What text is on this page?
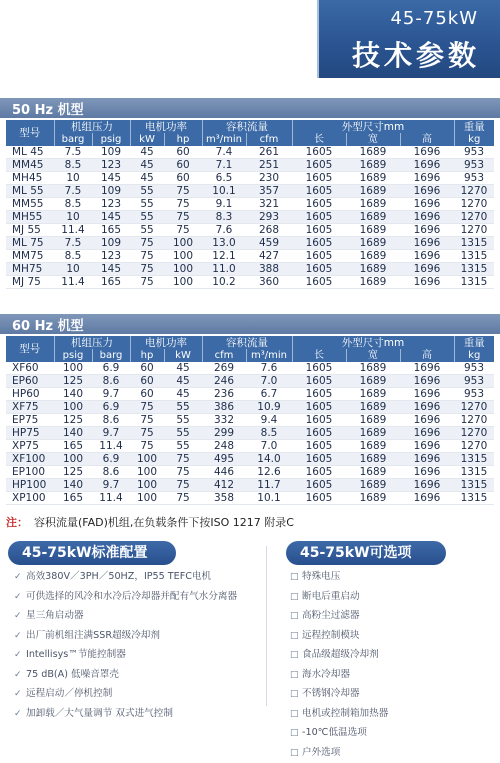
45-75kW
技术参数
50 Hz 机型
型号	机组压力		电机功率		容积流量		外型尺寸mm			重量
	barg	psig	kW	hp	m³/min	cfm	长	宽	高	kg
ML 45	7.5	109	45	60	7.4	261	1605	1689	1696	953
MM45	8.5	123	45	60	7.1	251	1605	1689	1696	953
MH45	10	145	45	60	6.5	230	1605	1689	1696	953
ML 55	7.5	109	55	75	10.1	357	1605	1689	1696	1270
MM55	8.5	123	55	75	9.1	321	1605	1689	1696	1270
MH55	10	145	55	75	8.3	293	1605	1689	1696	1270
MJ 55	11.4	165	55	75	7.6	268	1605	1689	1696	1270
ML 75	7.5	109	75	100	13.0	459	1605	1689	1696	1315
MM75	8.5	123	75	100	12.1	427	1605	1689	1696	1315
MH75	10	145	75	100	11.0	388	1605	1689	1696	1315
MJ 75	11.4	165	75	100	10.2	360	1605	1689	1696	1315
60 Hz 机型
型号	机组压力		电机功率		容积流量		外型尺寸mm			重量
	psig	barg	hp	kW	cfm	m³/min	长	宽	高	kg
XF60	100	6.9	60	45	269	7.6	1605	1689	1696	953
EP60	125	8.6	60	45	246	7.0	1605	1689	1696	953
HP60	140	9.7	60	45	236	6.7	1605	1689	1696	953
XF75	100	6.9	75	55	386	10.9	1605	1689	1696	1270
EP75	125	8.6	75	55	332	9.4	1605	1689	1696	1270
HP75	140	9.7	75	55	299	8.5	1605	1689	1696	1270
XP75	165	11.4	75	55	248	7.0	1605	1689	1696	1270
XF100	100	6.9	100	75	495	14.0	1605	1689	1696	1315
EP100	125	8.6	100	75	446	12.6	1605	1689	1696	1315
HP100	140	9.7	100	75	412	11.7	1605	1689	1696	1315
XP100	165	11.4	100	75	358	10.1	1605	1689	1696	1315
注： 容积流量(FAD)机组,在负载条件下按ISO 1217 附录C
45-75kW标准配置
✓ 高效380V／3PH／50HZ，IP55 TEFC电机
✓ 可供选择的风冷和水冷后冷却器并配有气水分离器
✓ 星三角启动器
✓ 出厂前机组注满SSR超级冷却剂
✓ Intellisys™节能控制器
✓ 75 dB(A) 低噪音罩壳
✓ 远程启动／停机控制
✓ 加卸载／大气量调节 双式进气控制
45-75kW可选项
□ 特殊电压
□ 断电后重启动
□ 高粉尘过滤器
□ 远程控制模块
□ 食品级超级冷却剂
□ 海水冷却器
□ 不锈钢冷却器
□ 电机或控制箱加热器
□ -10℃低温选项
□ 户外选项
